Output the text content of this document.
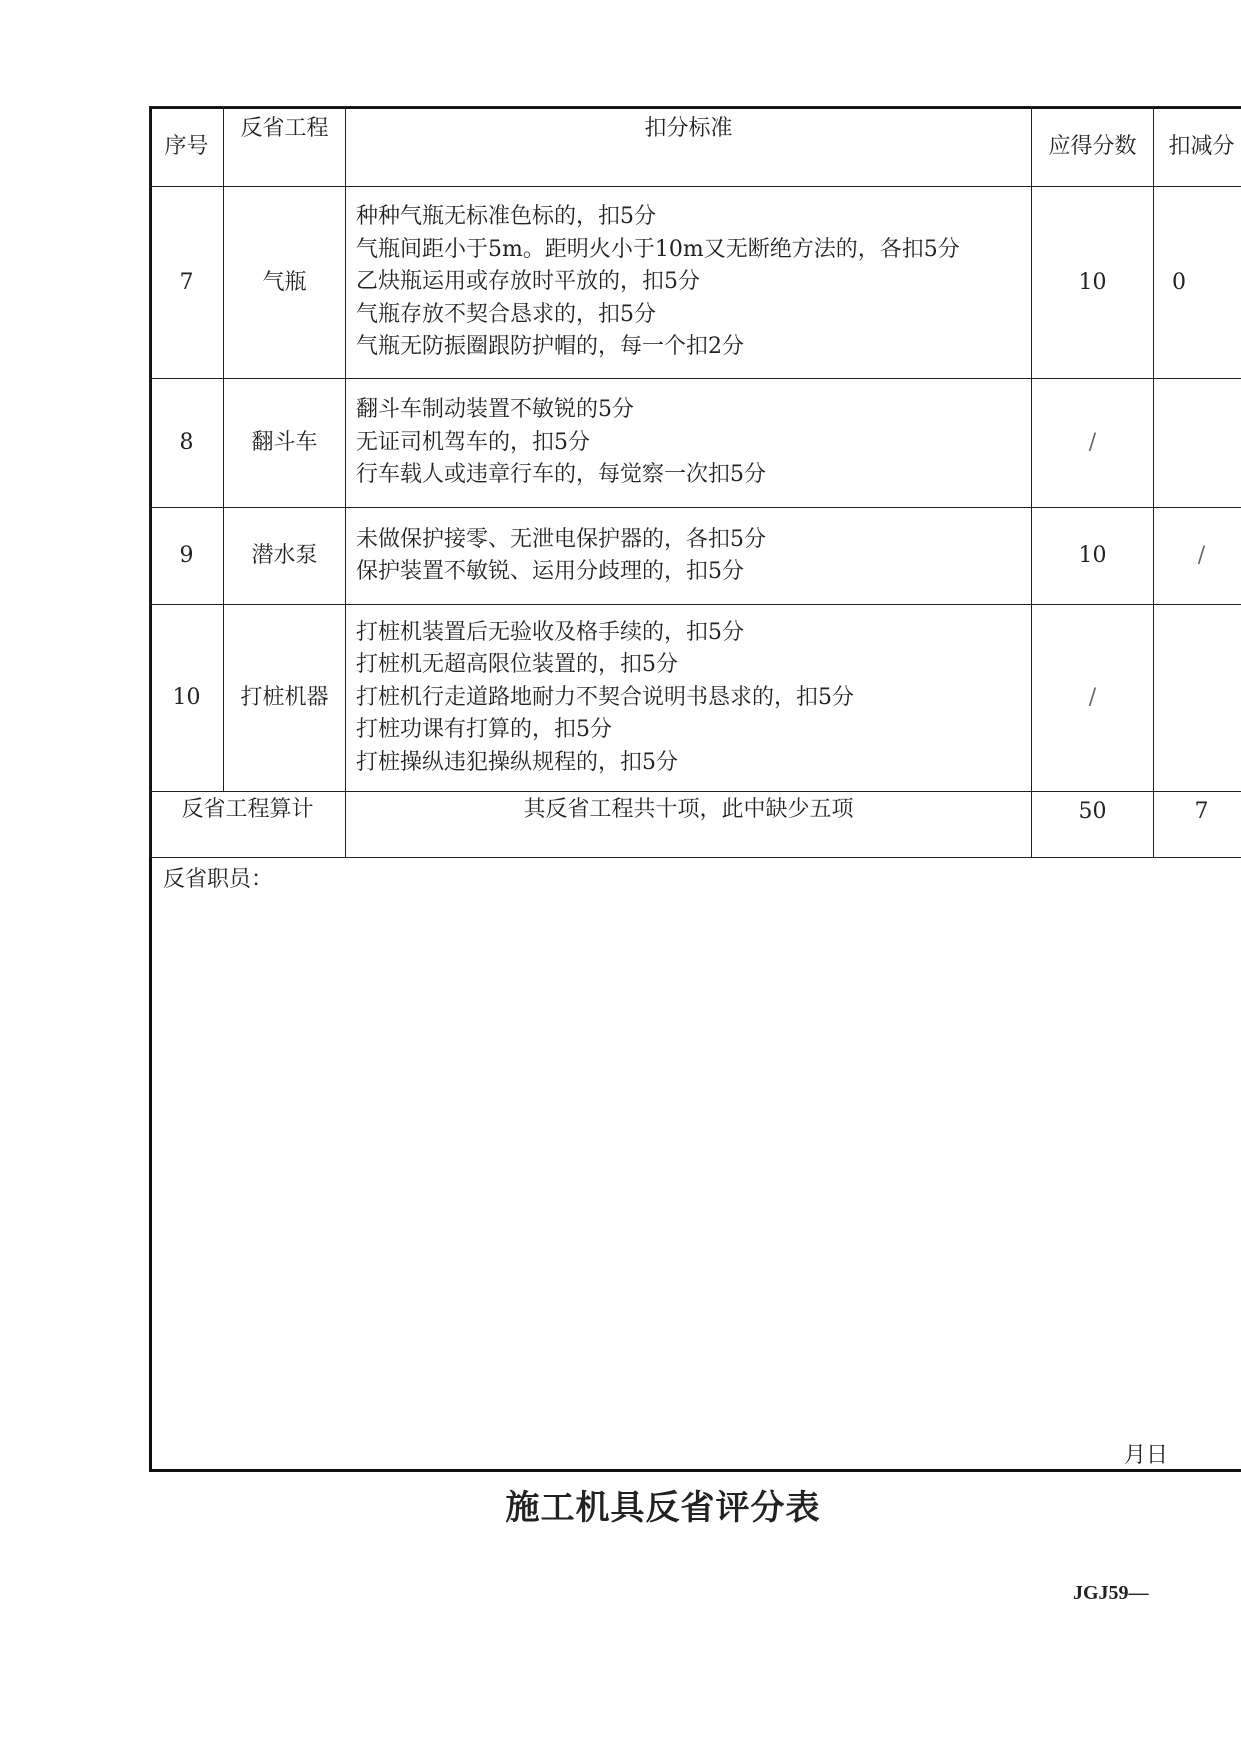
序号	反省工程	扣分标准	应得分数	扣减分
7	气瓶	种种气瓶无标准色标的，扣5分
气瓶间距小于5m。距明火小于10m又无断绝方法的，各扣5分
乙炔瓶运用或存放时平放的，扣5分
气瓶存放不契合恳求的，扣5分
气瓶无防振圈跟防护帽的，每一个扣2分	10	0
8	翻斗车	翻斗车制动装置不敏锐的5分
无证司机驾车的，扣5分
行车载人或违章行车的，每觉察一次扣5分	/	
9	潜水泵	未做保护接零、无泄电保护器的，各扣5分
保护装置不敏锐、运用分歧理的，扣5分	10	/
10	打桩机器	打桩机装置后无验收及格手续的，扣5分
打桩机无超高限位装置的，扣5分
打桩机行走道路地耐力不契合说明书恳求的，扣5分
打桩功课有打算的，扣5分
打桩操纵违犯操纵规程的，扣5分	/	
反省工程算计		其反省工程共十项，此中缺少五项	50	7
反省职员：
月日
施工机具反省评分表
JGJ59—
